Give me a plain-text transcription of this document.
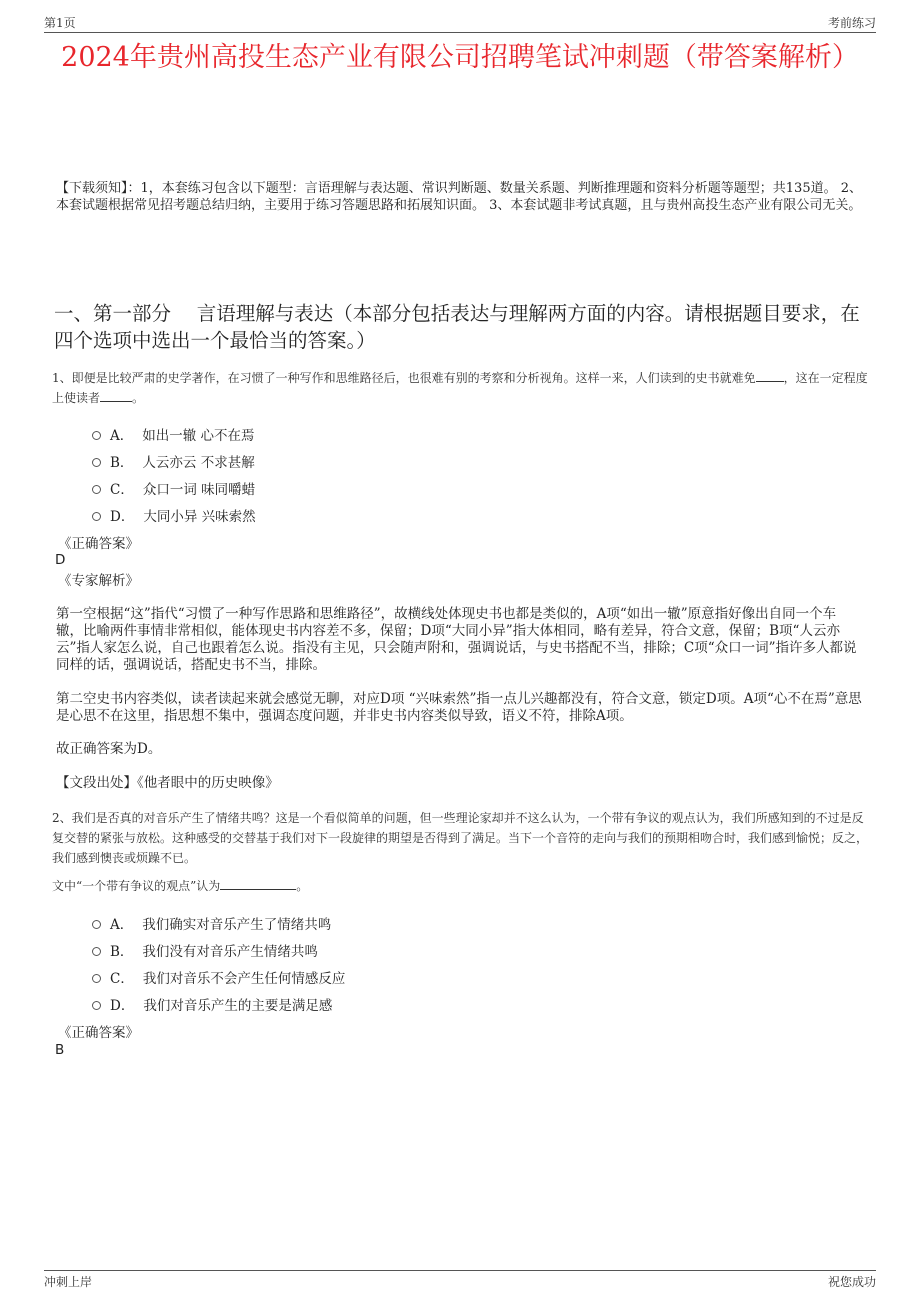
第1页	考前练习
2024年贵州高投生态产业有限公司招聘笔试冲刺题（带答案解析）
【下载须知】：1，本套练习包含以下题型：言语理解与表达题、常识判断题、数量关系题、判断推理题和资料分析题等题型；共135道。 2、本套试题根据常见招考题总结归纳，主要用于练习答题思路和拓展知识面。 3、本套试题非考试真题，且与贵州高投生态产业有限公司无关。
一、第一部分　 言语理解与表达（本部分包括表达与理解两方面的内容。请根据题目要求，在四个选项中选出一个最恰当的答案。）
1、即便是比较严肃的史学著作，在习惯了一种写作和思维路径后，也很难有别的考察和分析视角。这样一来，人们读到的史书就难免 ，这在一定程度上使读者	。
A． 如出一辙 心不在焉
B． 人云亦云 不求甚解
C． 众口一词 味同嚼蜡
D． 大同小异 兴味索然
《正确答案》
D
《专家解析》
第一空根据“这”指代“习惯了一种写作思路和思维路径”，故横线处体现史书也都是类似的，A项“如出一辙”原意指好像出自同一个车辙，比喻两件事情非常相似，能体现史书内容差不多，保留；D项“大同小异”指大体相同，略有差异，符合文意，保留；B项“人云亦云”指人家怎么说，自己也跟着怎么说。指没有主见，只会随声附和，强调说话，与史书搭配不当，排除；C项“众口一词”指许多人都说同样的话，强调说话，搭配史书不当，排除。
第二空史书内容类似，读者读起来就会感觉无聊，对应D项 “兴味索然”指一点儿兴趣都没有，符合文意，锁定D项。A项“心不在焉”意思是心思不在这里，指思想不集中，强调态度问题，并非史书内容类似导致，语义不符，排除A项。
故正确答案为D。
【文段出处】《他者眼中的历史映像》
2、我们是否真的对音乐产生了情绪共鸣？这是一个看似简单的问题，但一些理论家却并不这么认为，一个带有争议的观点认为，我们所感知到的不过是反复交替的紧张与放松。这种感受的交替基于我们对下一段旋律的期望是否得到了满足。当下一个音符的走向与我们的预期相吻合时，我们感到愉悦；反之，我们感到懊丧或烦躁不已。
文中“一个带有争议的观点”认为	。
A． 我们确实对音乐产生了情绪共鸣
B． 我们没有对音乐产生情绪共鸣
C． 我们对音乐不会产生任何情感反应
D． 我们对音乐产生的主要是满足感
《正确答案》
B
冲刺上岸	祝您成功
